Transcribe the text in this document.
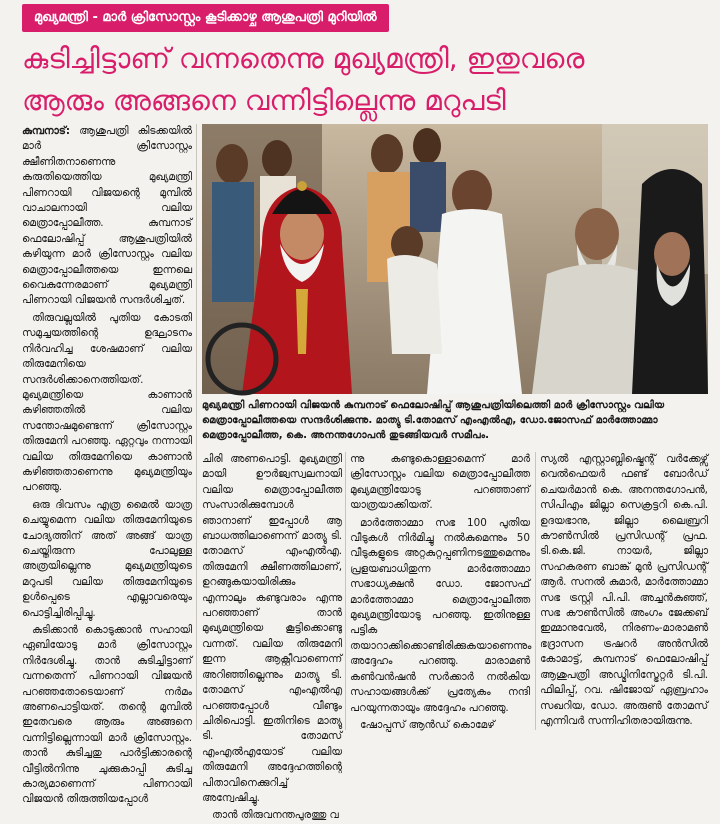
മുഖ്യമന്ത്രി - മാർ ക്രിസോസ്റ്റം കൂടിക്കാഴ്ച ആശുപത്രി മുറിയിൽ
കുടിച്ചിട്ടാണ് വന്നതെന്നു മുഖ്യമന്ത്രി, ഇതുവരെ
ആരും അങ്ങനെ വന്നിട്ടില്ലെന്നു മറുപടി

കുമ്പനാട്: ആശുപത്രി കിടക്കയിൽ മാർ ക്രിസോസ്റ്റം ക്ഷീണിതനാണെന്നു കരുതിയെത്തിയ മുഖ്യമന്ത്രി പിണറായി വിജയന്റെ മുമ്പിൽ വാചാലനായി വലിയ മെത്രാപ്പോലീത്ത. കുമ്പനാട് ഫെലോഷിപ്പ് ആശുപത്രിയിൽ കഴിയുന്ന മാർ ക്രിസോസ്റ്റം വലിയ മെത്രാപ്പോലീത്തയെ ഇന്നലെ വൈകുന്നേരമാണ് മുഖ്യമന്ത്രി പിണറായി വിജയൻ സന്ദർശിച്ചത്.

തിരുവല്ലയിൽ പുതിയ കോടതി സമുച്ചയത്തിന്റെ ഉദ്ഘാടനം നിർവഹിച്ച ശേഷമാണ് വലിയ തിരുമേനിയെ സന്ദർശിക്കാനെത്തിയത്. മുഖ്യമന്ത്രിയെ കാണാൻ കഴിഞ്ഞതിൽ വലിയ സന്തോഷമുണ്ടെന്ന് ക്രിസോസ്റ്റം തിരുമേനി പറഞ്ഞു. ഏറ്റവും നന്നായി വലിയ തിരുമേനിയെ കാണാൻ കഴിഞ്ഞതാണെന്നു മുഖ്യമന്ത്രിയും പറഞ്ഞു.

ഒരു ദിവസം എത്ര മൈൽ യാത്ര ചെയ്യുമെന്ന വലിയ തിരുമേനിയുടെ ചോദ്യത്തിന് അത് അങ്ങ് യാത്ര ചെയ്തിരുന്ന പോലുള്ള അത്രയില്ലെന്നു മുഖ്യമന്ത്രിയുടെ മറുപടി വലിയ തിരുമേനിയുടെ ഉൾപ്പെടെ എല്ലാവരെയും പൊട്ടിച്ചിരിപ്പിച്ചു.

കുടിക്കാൻ കൊടുക്കാൻ സഹായി ഏബിയോടു മാർ ക്രിസോസ്റ്റം നിർദേശിച്ചു. താൻ കുടിച്ചിട്ടാണ് വന്നതെന്ന് പിണറായി വിജയൻ പറഞ്ഞതോടെയാണ് നർമം അണപൊട്ടിയത്. തന്റെ മുമ്പിൽ ഇതേവരെ ആരും അങ്ങനെ വന്നിട്ടില്ലെന്നായി മാർ ക്രിസോസ്റ്റം. താൻ കുടിച്ചതു പാർട്ടിക്കാരന്റെ വീട്ടിൽനിന്നു ചുക്കുകാപ്പി കുടിച്ച കാര്യമാണെന്ന് പിണറായി വിജയൻ തിരുത്തിയപ്പോൾ

മുഖ്യമന്ത്രി പിണറായി വിജയൻ കുമ്പനാട് ഫെലോഷിപ്പ് ആശുപത്രിയിലെത്തി മാർ ക്രിസോസ്റ്റം വലിയ മെത്രാപ്പോലീത്തയെ സന്ദർശിക്കുന്നു. മാത്യു ടി.തോമസ് എംഎൽഎ, ഡോ.ജോസഫ് മാർത്തോമ്മാ മെത്രാപ്പോലീത്ത, കെ. അനന്തഗോപൻ തുടങ്ങിയവർ സമീപം.

ചിരി അണപൊട്ടി. മുഖ്യമന്ത്രി മായി ഊർജ്വസ്വലനായി വലിയ മെത്രാപ്പോലീത്ത സംസാരിക്കുമ്പോൾ ഞാനാണ് ഇപ്പോൾ ആ ബാധത്തിലാണെന്ന് മാത്യു ടി. തോമസ് എംഎൽഎ. തിരുമേനി ക്ഷീണത്തിലാണ്, ഉറങ്ങുകയായിരിക്കും എന്നാലും കണ്ടുവരാം എന്നു പറഞ്ഞാണ് താൻ മുഖ്യമന്ത്രിയെ കൂട്ടിക്കൊണ്ടു വന്നത്. വലിയ തിരുമേനി ഇന്ന ആക്റ്റീവാണെന്ന് അറിഞ്ഞില്ലെന്നും മാത്യു ടി. തോമസ് എംഎൽഎ പറഞ്ഞപ്പോൾ വീണ്ടും ചിരിപൊട്ടി. ഇതിനിടെ മാത്യു ടി. തോമസ് എംഎൽഎയോട് വലിയ തിരുമേനി അദ്ദേഹത്തിന്റെ പിതാവിനെക്കുറിച്ച് അന്വേഷിച്ചു.

താൻ തിരുവനന്തപുരത്തു വ

ന്നു കണ്ടുകൊള്ളാമെന്ന് മാർ ക്രിസോസ്റ്റം വലിയ മെത്രാപ്പോലീത്ത മുഖ്യമന്ത്രിയോടു പറഞ്ഞാണ് യാത്രയാക്കിയത്.

മാർത്തോമ്മാ സഭ 100 പുതിയ വീടുകൾ നിർമിച്ചു നൽകുമെന്നും 50 വീടുകളുടെ അറ്റകുറ്റപ്പണിനടത്തുമെന്നും പ്രളയബാധിതുന്ന മാർത്തോമ്മാ സഭാധ്യക്ഷൻ ഡോ. ജോസഫ് മാർത്തോമ്മാ മെത്രാപ്പോലീത്ത മുഖ്യമന്ത്രിയോടു പറഞ്ഞു. ഇതിനുള്ള പട്ടിക തയാറാക്കിക്കൊണ്ടിരിക്കുകയാണെന്നും അദ്ദേഹം പറഞ്ഞു. മാരാമൺ കൺവൻഷൻ സർക്കാർ നൽകിയ സഹായങ്ങൾക്ക് പ്രത്യേകം നന്ദി പറയുന്നതായും അദ്ദേഹം പറഞ്ഞു.

ഷോപ്പസ് ആൻഡ് കൊമേഴ്

സ്യൽ എസ്റ്റാബ്ലിഷ്മെന്റ് വർക്കേഴ്സ് വെൽഫെയർ ഫണ്ട് ബോർഡ് ചെയർമാൻ കെ. അനന്തഗോപൻ, സിപിഎം ജില്ലാ സെക്രട്ടറി കെ.പി. ഉദയഭാനു, ജില്ലാ ലൈബ്രറി കൗൺസിൽ പ്രസിഡന്റ് പ്രഫ. ടി.കെ.ജി. നായർ, ജില്ലാ സഹകരണ ബാങ്ക് മുൻ പ്രസിഡന്റ് ആർ. സനൽ കുമാർ, മാർത്തോമ്മാ സഭ ട്രസ്റ്റി പി.പി. അച്ചൻകുഞ്ഞ്, സഭ കൗൺസിൽ അംഗം ജേക്കബ് ഇമ്മാനുവേൽ, നിരണം-മാരാമൺ ഭദ്രാസന ട്രഷറർ അൻസിൽ കോമാട്ട്, കുമ്പനാട് ഫെലോഷിപ്പ് ആശുപത്രി അഡ്മിനിസ്ട്രേറ്റർ ടി.പി. ഫിലിപ്പ്, റവ. ഷിജോയ് ഏബ്രഹാം സഖറിയ, ഡോ. അരുൺ തോമസ് എന്നിവർ സന്നിഹിതരായിരുന്നു.
